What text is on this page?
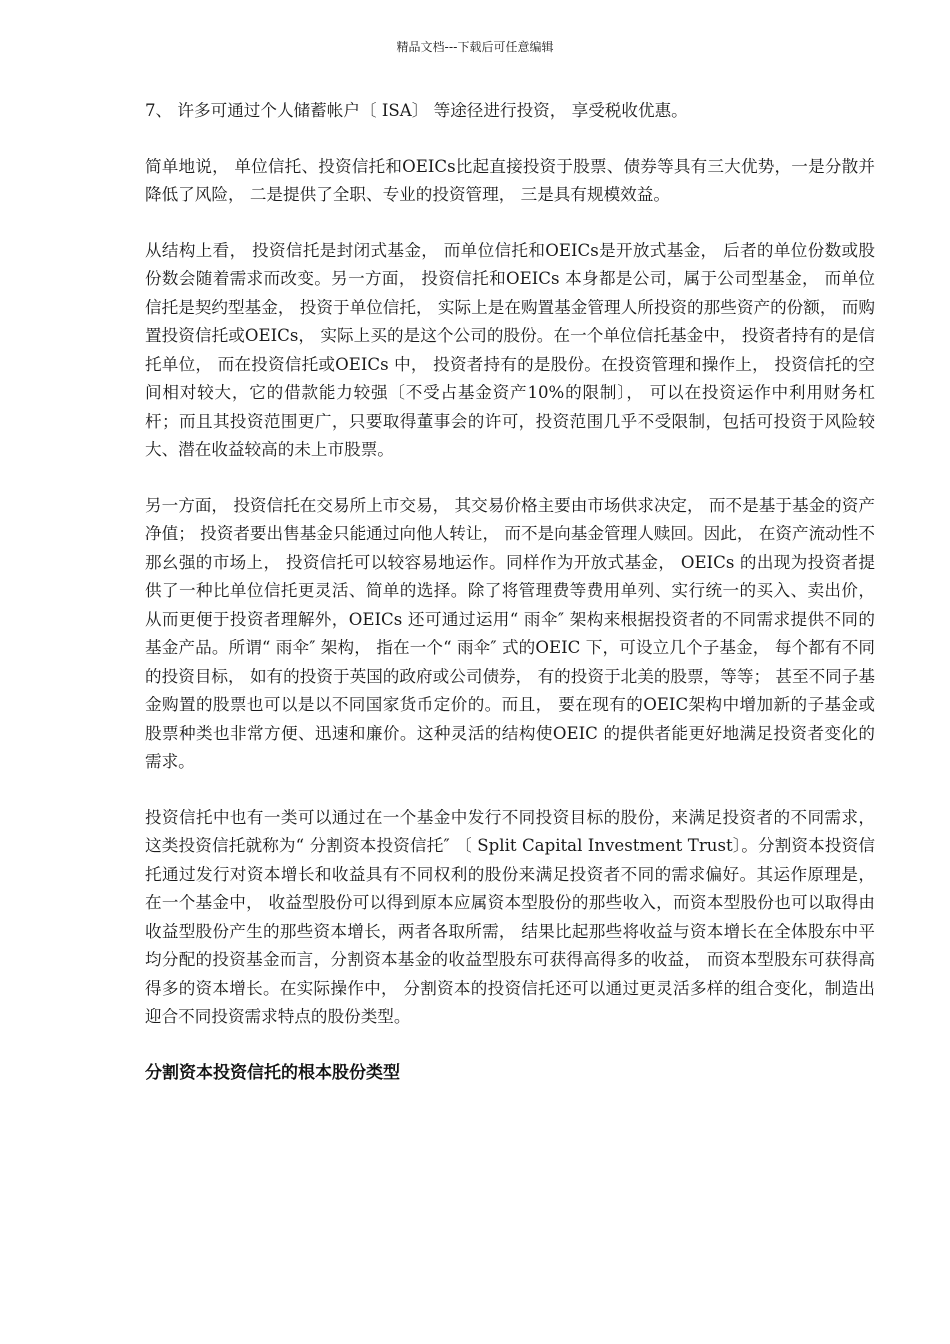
精品文档---下载后可任意编辑

7、 许多可通过个人储蓄帐户〔 ISA〕 等途径进行投资， 享受税收优惠。

简单地说， 单位信托、投资信托和OEICs比起直接投资于股票、债券等具有三大优势，一是分散并降低了风险， 二是提供了全职、专业的投资管理， 三是具有规模效益。

从结构上看， 投资信托是封闭式基金， 而单位信托和OEICs是开放式基金， 后者的单位份数或股份数会随着需求而改变。另一方面， 投资信托和OEICs 本身都是公司，属于公司型基金， 而单位信托是契约型基金， 投资于单位信托， 实际上是在购置基金管理人所投资的那些资产的份额， 而购置投资信托或OEICs， 实际上买的是这个公司的股份。在一个单位信托基金中， 投资者持有的是信托单位， 而在投资信托或OEICs 中， 投资者持有的是股份。在投资管理和操作上， 投资信托的空间相对较大，它的借款能力较强〔不受占基金资产10%的限制〕， 可以在投资运作中利用财务杠杆；而且其投资范围更广，只要取得董事会的许可，投资范围几乎不受限制，包括可投资于风险较大、潜在收益较高的未上市股票。

另一方面， 投资信托在交易所上市交易， 其交易价格主要由市场供求决定， 而不是基于基金的资产净值； 投资者要出售基金只能通过向他人转让， 而不是向基金管理人赎回。因此， 在资产流动性不那幺强的市场上， 投资信托可以较容易地运作。同样作为开放式基金， OEICs 的出现为投资者提供了一种比单位信托更灵活、简单的选择。除了将管理费等费用单列、实行统一的买入、卖出价， 从而更便于投资者理解外，OEICs 还可通过运用“ 雨伞″ 架构来根据投资者的不同需求提供不同的基金产品。所谓“ 雨伞″ 架构， 指在一个“ 雨伞″ 式的OEIC 下，可设立几个子基金， 每个都有不同的投资目标， 如有的投资于英国的政府或公司债券， 有的投资于北美的股票，等等； 甚至不同子基金购置的股票也可以是以不同国家货币定价的。而且， 要在现有的OEIC架构中增加新的子基金或股票种类也非常方便、迅速和廉价。这种灵活的结构使OEIC 的提供者能更好地满足投资者变化的需求。

投资信托中也有一类可以通过在一个基金中发行不同投资目标的股份，来满足投资者的不同需求，这类投资信托就称为“ 分割资本投资信托″ 〔 Split Capital Investment Trust〕。分割资本投资信托通过发行对资本增长和收益具有不同权利的股份来满足投资者不同的需求偏好。其运作原理是， 在一个基金中， 收益型股份可以得到原本应属资本型股份的那些收入，而资本型股份也可以取得由收益型股份产生的那些资本增长，两者各取所需， 结果比起那些将收益与资本增长在全体股东中平均分配的投资基金而言，分割资本基金的收益型股东可获得高得多的收益， 而资本型股东可获得高得多的资本增长。在实际操作中， 分割资本的投资信托还可以通过更灵活多样的组合变化，制造出迎合不同投资需求特点的股份类型。

分割资本投资信托的根本股份类型
